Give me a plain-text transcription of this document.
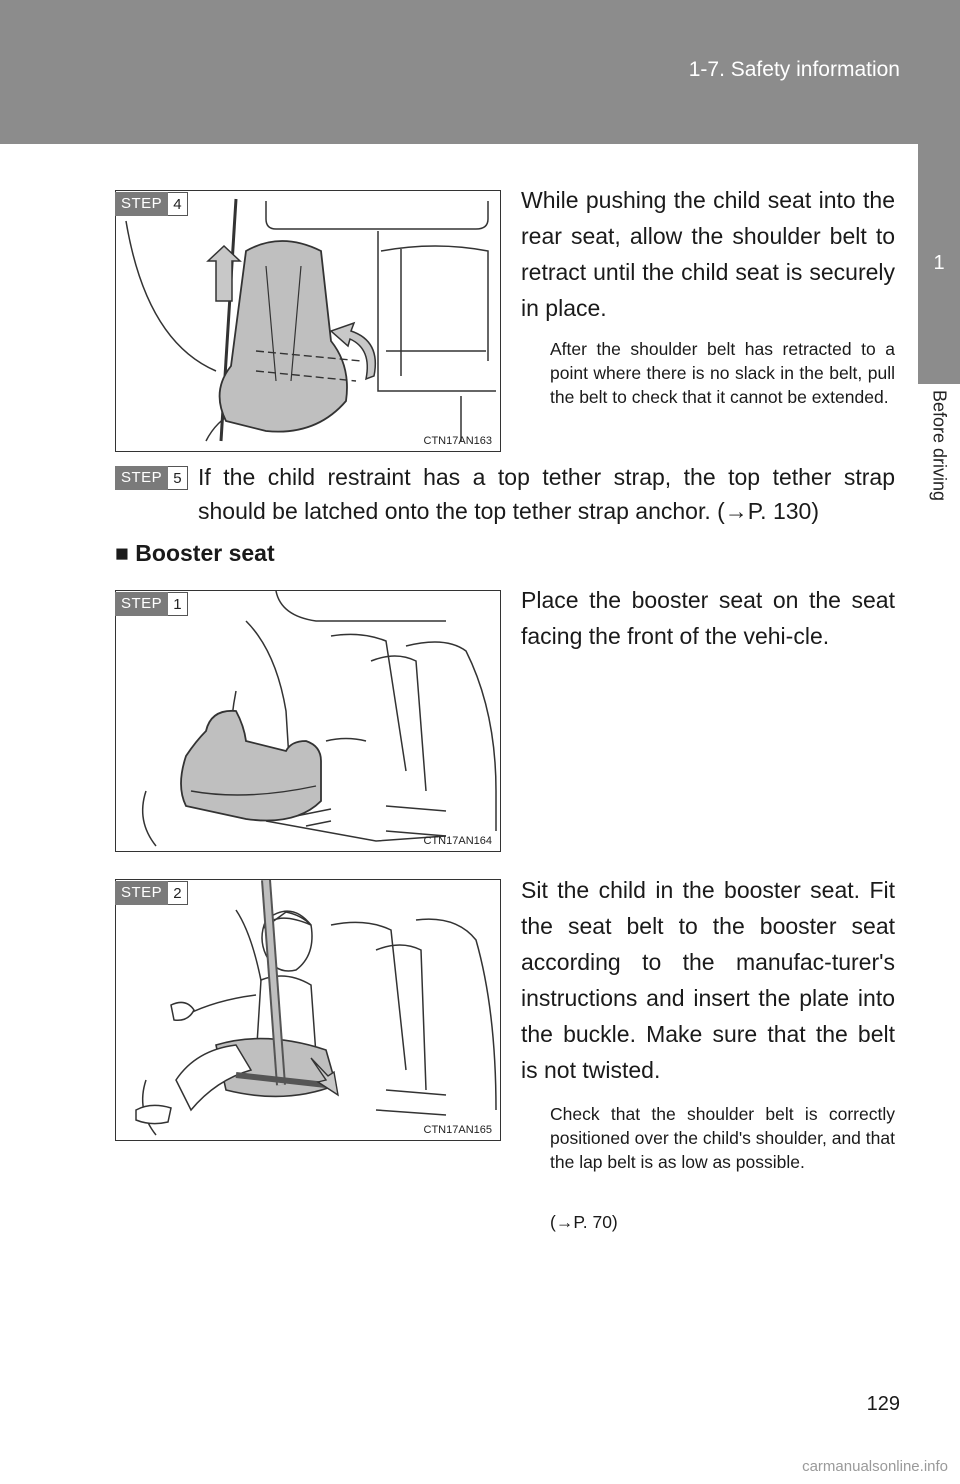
1-7. Safety information
1
Before driving
CTN17AN163
STEP 4	While pushing the child seat into the rear seat, allow the shoulder belt to retract until the child seat is securely in place.
After the shoulder belt has retracted to a point where there is no slack in the belt, pull the belt to check that it cannot be extended.
STEP 5 If the child restraint has a top tether strap, the top tether strap should be latched onto the top tether strap anchor. (→P. 130)
■ Booster seat
CTN17AN164
STEP 1	Place the booster seat on the seat facing the front of the vehi-cle.
CTN17AN165
STEP 2	Sit the child in the booster seat. Fit the seat belt to the booster seat according to the manufac-turer's instructions and insert the plate into the buckle. Make sure that the belt is not twisted.
Check that the shoulder belt is correctly positioned over the child's shoulder, and that the lap belt is as low as possible.
(→P. 70)
129
carmanualsonline.info
